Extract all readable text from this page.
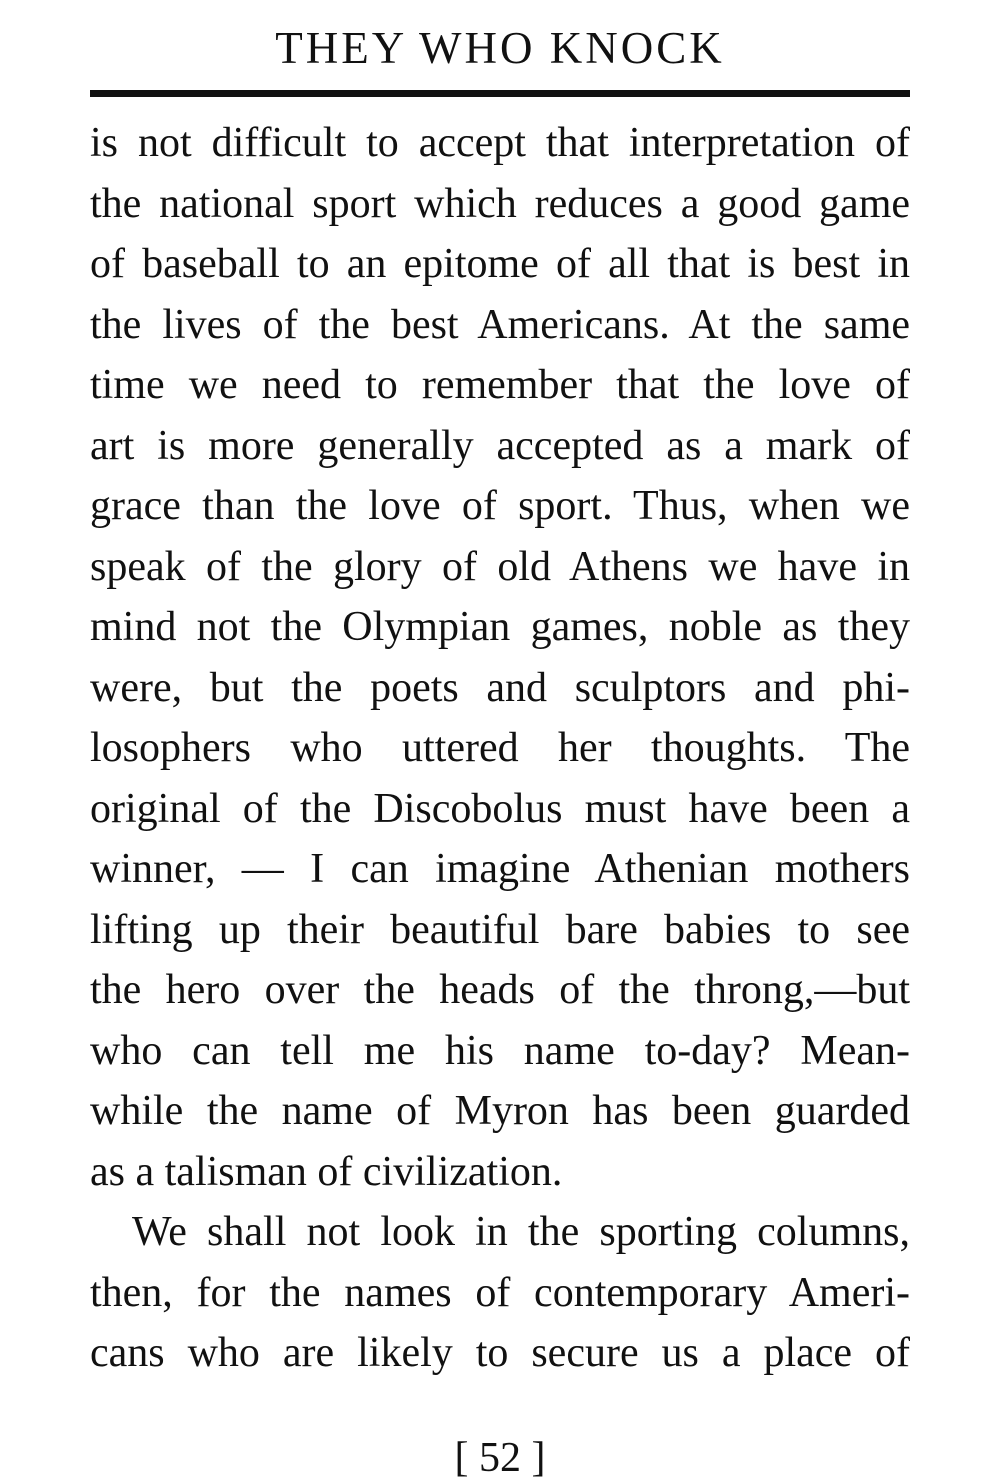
THEY WHO KNOCK
is not difficult to accept that interpretation of
the national sport which reduces a good game
of baseball to an epitome of all that is best in
the lives of the best Americans. At the same
time we need to remember that the love of
art is more generally accepted as a mark of
grace than the love of sport. Thus, when we
speak of the glory of old Athens we have in
mind not the Olympian games, noble as they
were, but the poets and sculptors and phi-
losophers who uttered her thoughts. The
original of the Discobolus must have been a
winner, — I can imagine Athenian mothers
lifting up their beautiful bare babies to see
the hero over the heads of the throng,—but
who can tell me his name to-day? Mean-
while the name of Myron has been guarded
as a talisman of civilization.
We shall not look in the sporting columns,
then, for the names of contemporary Ameri-
cans who are likely to secure us a place of
[ 52 ]
